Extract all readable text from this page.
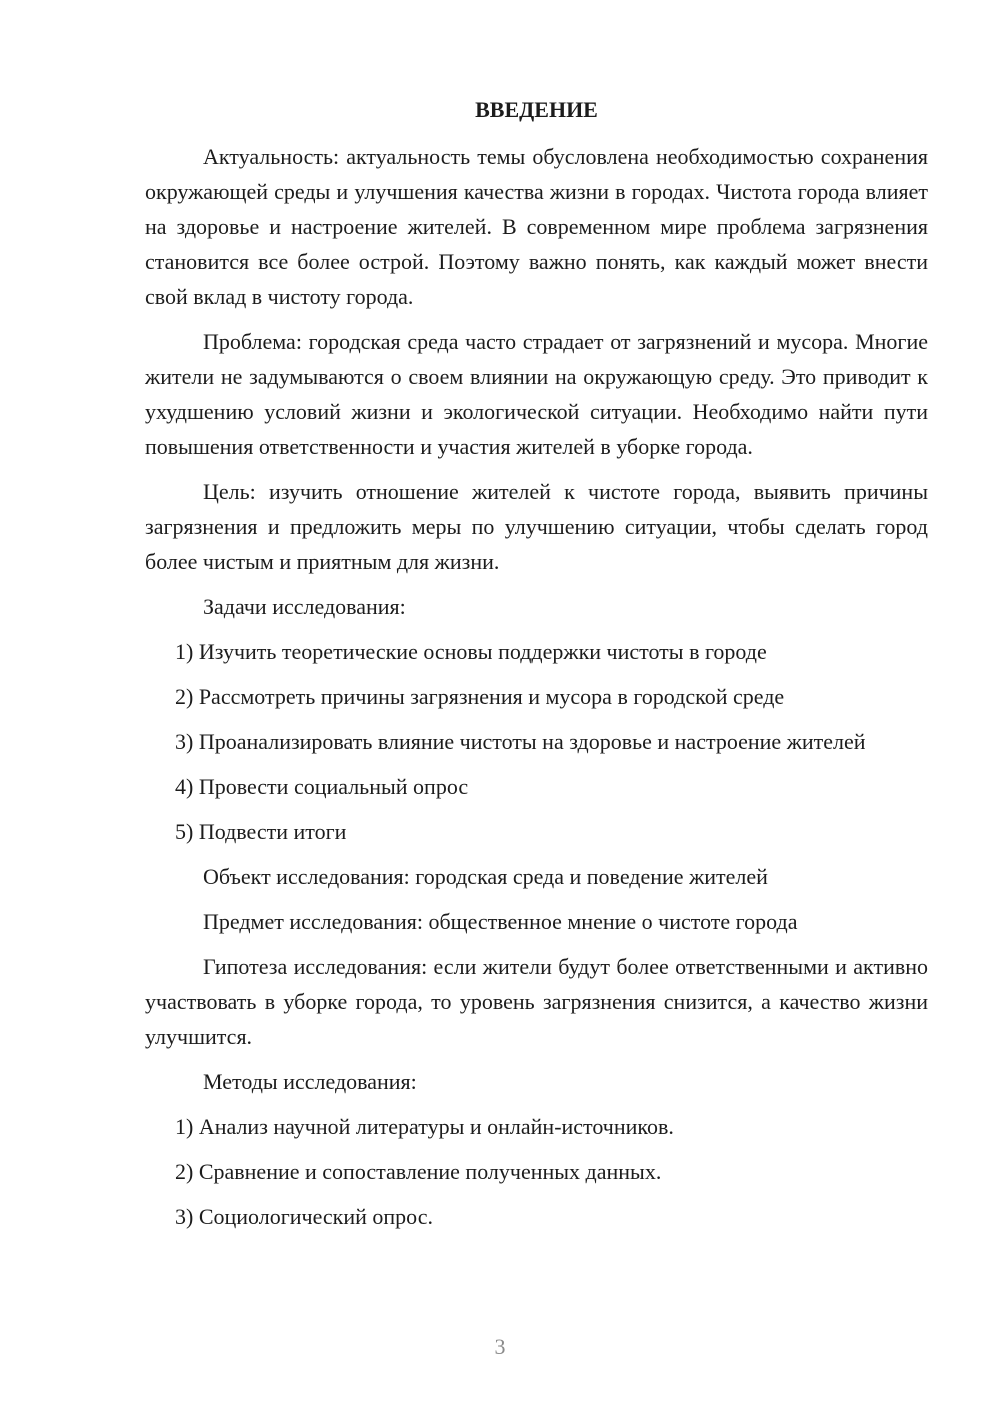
ВВЕДЕНИЕ

Актуальность: актуальность темы обусловлена необходимостью сохранения окружающей среды и улучшения качества жизни в городах. Чистота города влияет на здоровье и настроение жителей. В современном мире проблема загрязнения становится все более острой. Поэтому важно понять, как каждый может внести свой вклад в чистоту города.

Проблема: городская среда часто страдает от загрязнений и мусора. Многие жители не задумываются о своем влиянии на окружающую среду. Это приводит к ухудшению условий жизни и экологической ситуации. Необходимо найти пути повышения ответственности и участия жителей в уборке города.

Цель: изучить отношение жителей к чистоте города, выявить причины загрязнения и предложить меры по улучшению ситуации, чтобы сделать город более чистым и приятным для жизни.

Задачи исследования:

1) Изучить теоретические основы поддержки чистоты в городе

2) Рассмотреть причины загрязнения и мусора в городской среде

3) Проанализировать влияние чистоты на здоровье и настроение жителей

4) Провести социальный опрос

5) Подвести итоги

Объект исследования: городская среда и поведение жителей

Предмет исследования: общественное мнение о чистоте города

Гипотеза исследования: если жители будут более ответственными и активно участвовать в уборке города, то уровень загрязнения снизится, а качество жизни улучшится.

Методы исследования:

1) Анализ научной литературы и онлайн-источников.

2) Сравнение и сопоставление полученных данных.

3) Социологический опрос.

3
